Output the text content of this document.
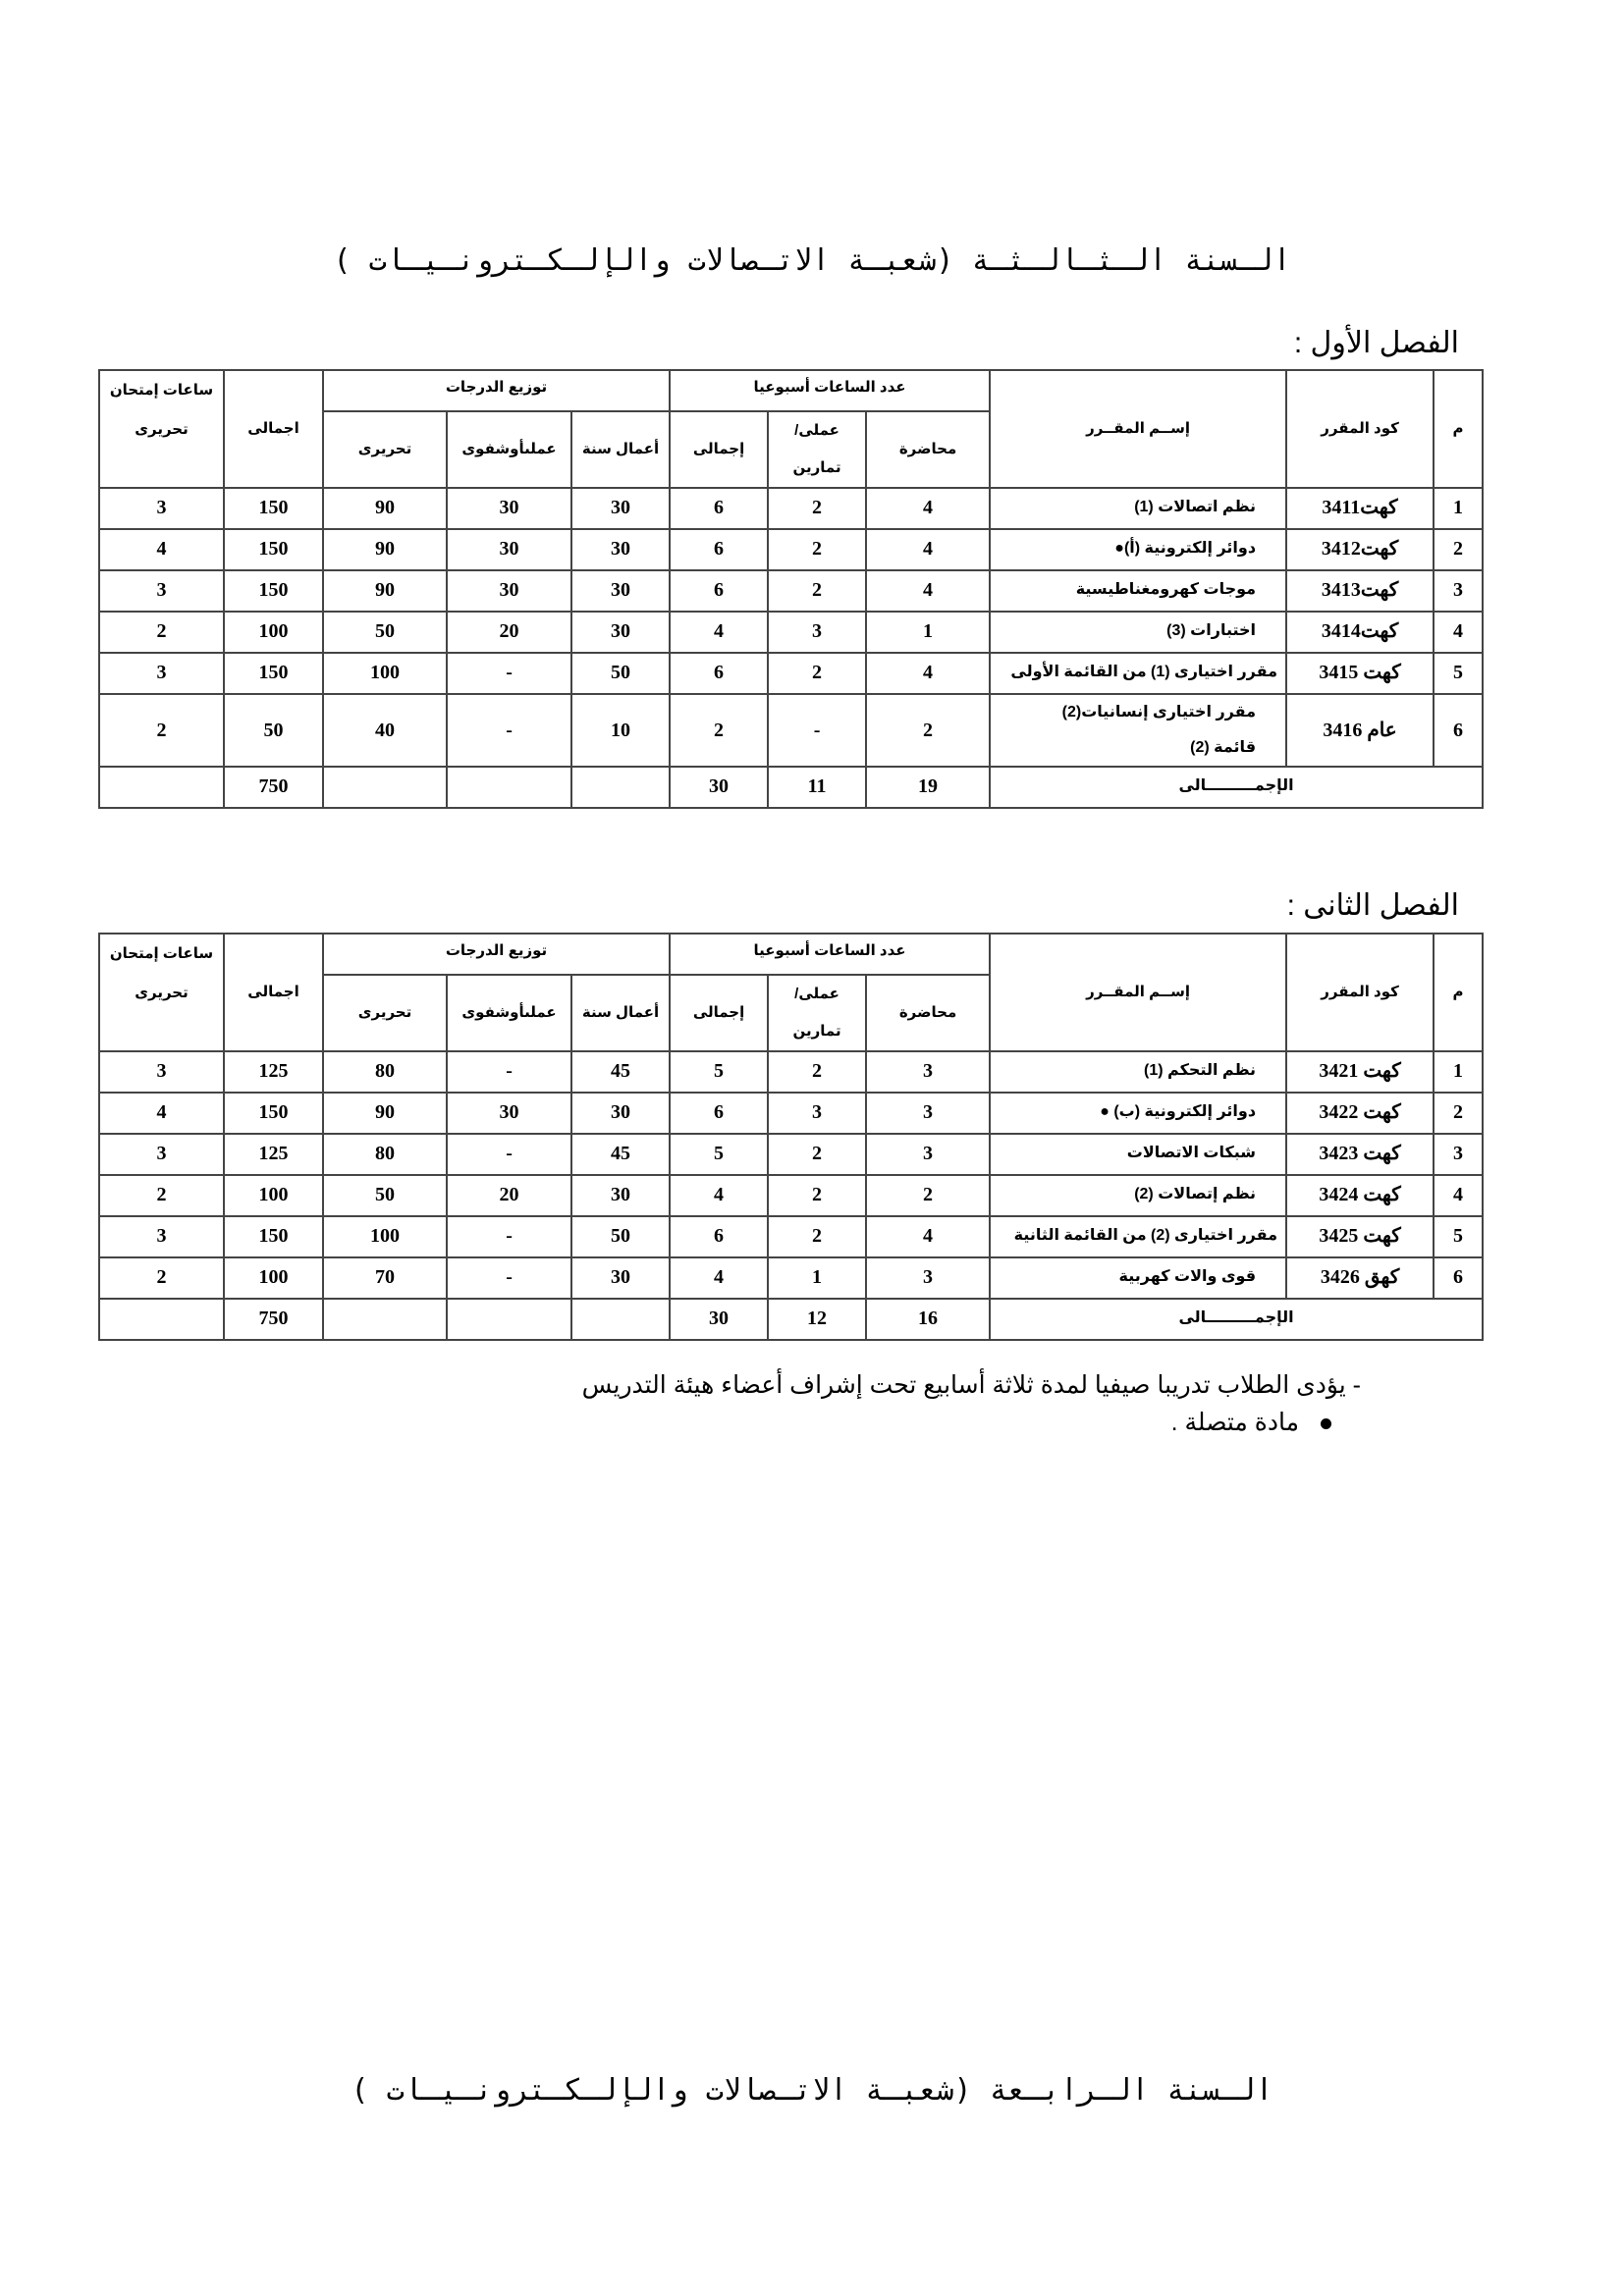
الـسنة الـثـالـثـة (شعبـة الاتـصالات والإلـكـترونـيـات )
الفصل الأول :
م	كود المقرر	إســم المقــرر	عدد الساعات أسبوعيا			توزيع الدرجات			اجمالى	ساعات إمتحان تحريرى
			محاضرة	عملى/ تمارين	إجمالى	أعمال سنة	عملىأوشفوى	تحريرى		
1	كهت3411	نظم اتصالات (1)	4	2	6	30	30	90	150	3
2	كهت3412	دوائر إلكترونية (أ)●	4	2	6	30	30	90	150	4
3	كهت3413	موجات كهرومغناطيسية	4	2	6	30	30	90	150	3
4	كهت3414	اختبارات (3)	1	3	4	30	20	50	100	2
5	كهت 3415	مقرر اختيارى (1) من القائمة الأولى	4	2	6	50	-	100	150	3
6	عام 3416	مقرر اختيارى إنسانيات(2)
قائمة (2)	2	-	2	10	-	40	50	2
الإجمـــــــــالى			19	11	30				750	
الفصل الثانى :
م	كود المقرر	إســم المقــرر	عدد الساعات أسبوعيا			توزيع الدرجات			اجمالى	ساعات إمتحان تحريرى
			محاضرة	عملى/ تمارين	إجمالى	أعمال سنة	عملىأوشفوى	تحريرى		
1	كهت 3421	نظم التحكم (1)	3	2	5	45	-	80	125	3
2	كهت 3422	دوائر إلكترونية (ب) ●	3	3	6	30	30	90	150	4
3	كهت 3423	شبكات الاتصالات	3	2	5	45	-	80	125	3
4	كهت 3424	نظم إتصالات (2)	2	2	4	30	20	50	100	2
5	كهت 3425	مقرر اختيارى (2) من القائمة الثانية	4	2	6	50	-	100	150	3
6	كهق 3426	قوى والات كهربية	3	1	4	30	-	70	100	2
الإجمـــــــــالى			16	12	30				750	
- يؤدى الطلاب تدريبا صيفيا لمدة ثلاثة أسابيع تحت إشراف أعضاء هيئة التدريس
مادة متصلة .
الـسنة الـرابـعة (شعبـة الاتـصالات والإلـكـترونـيـات )
